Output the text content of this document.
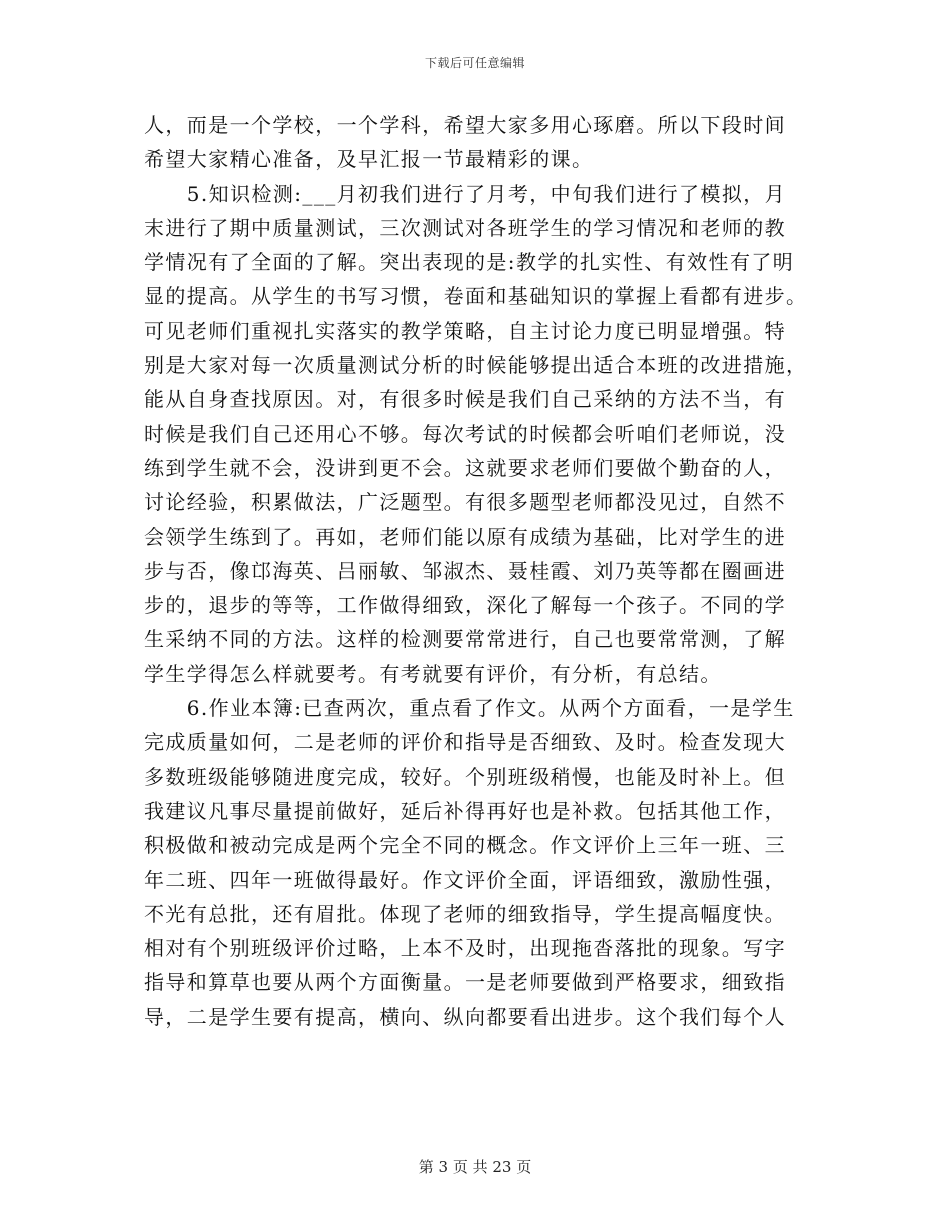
下载后可任意编辑
人，而是一个学校，一个学科，希望大家多用心琢磨。所以下段时间
希望大家精心准备，及早汇报一节最精彩的课。
　　5.知识检测:___月初我们进行了月考，中旬我们进行了模拟，月
末进行了期中质量测试，三次测试对各班学生的学习情况和老师的教
学情况有了全面的了解。突出表现的是:教学的扎实性、有效性有了明
显的提高。从学生的书写习惯，卷面和基础知识的掌握上看都有进步。
可见老师们重视扎实落实的教学策略，自主讨论力度已明显增强。特
别是大家对每一次质量测试分析的时候能够提出适合本班的改进措施，
能从自身查找原因。对，有很多时候是我们自己采纳的方法不当，有
时候是我们自己还用心不够。每次考试的时候都会听咱们老师说，没
练到学生就不会，没讲到更不会。这就要求老师们要做个勤奋的人，
讨论经验，积累做法，广泛题型。有很多题型老师都没见过，自然不
会领学生练到了。再如，老师们能以原有成绩为基础，比对学生的进
步与否，像邙海英、吕丽敏、邹淑杰、聂桂霞、刘乃英等都在圈画进
步的，退步的等等，工作做得细致，深化了解每一个孩子。不同的学
生采纳不同的方法。这样的检测要常常进行，自己也要常常测，了解
学生学得怎么样就要考。有考就要有评价，有分析，有总结。
　　6.作业本簿:已查两次，重点看了作文。从两个方面看，一是学生
完成质量如何，二是老师的评价和指导是否细致、及时。检查发现大
多数班级能够随进度完成，较好。个别班级稍慢，也能及时补上。但
我建议凡事尽量提前做好，延后补得再好也是补救。包括其他工作，
积极做和被动完成是两个完全不同的概念。作文评价上三年一班、三
年二班、四年一班做得最好。作文评价全面，评语细致，激励性强，
不光有总批，还有眉批。体现了老师的细致指导，学生提高幅度快。
相对有个别班级评价过略，上本不及时，出现拖沓落批的现象。写字
指导和算草也要从两个方面衡量。一是老师要做到严格要求，细致指
导，二是学生要有提高，横向、纵向都要看出进步。这个我们每个人
第 3 页 共 23 页
